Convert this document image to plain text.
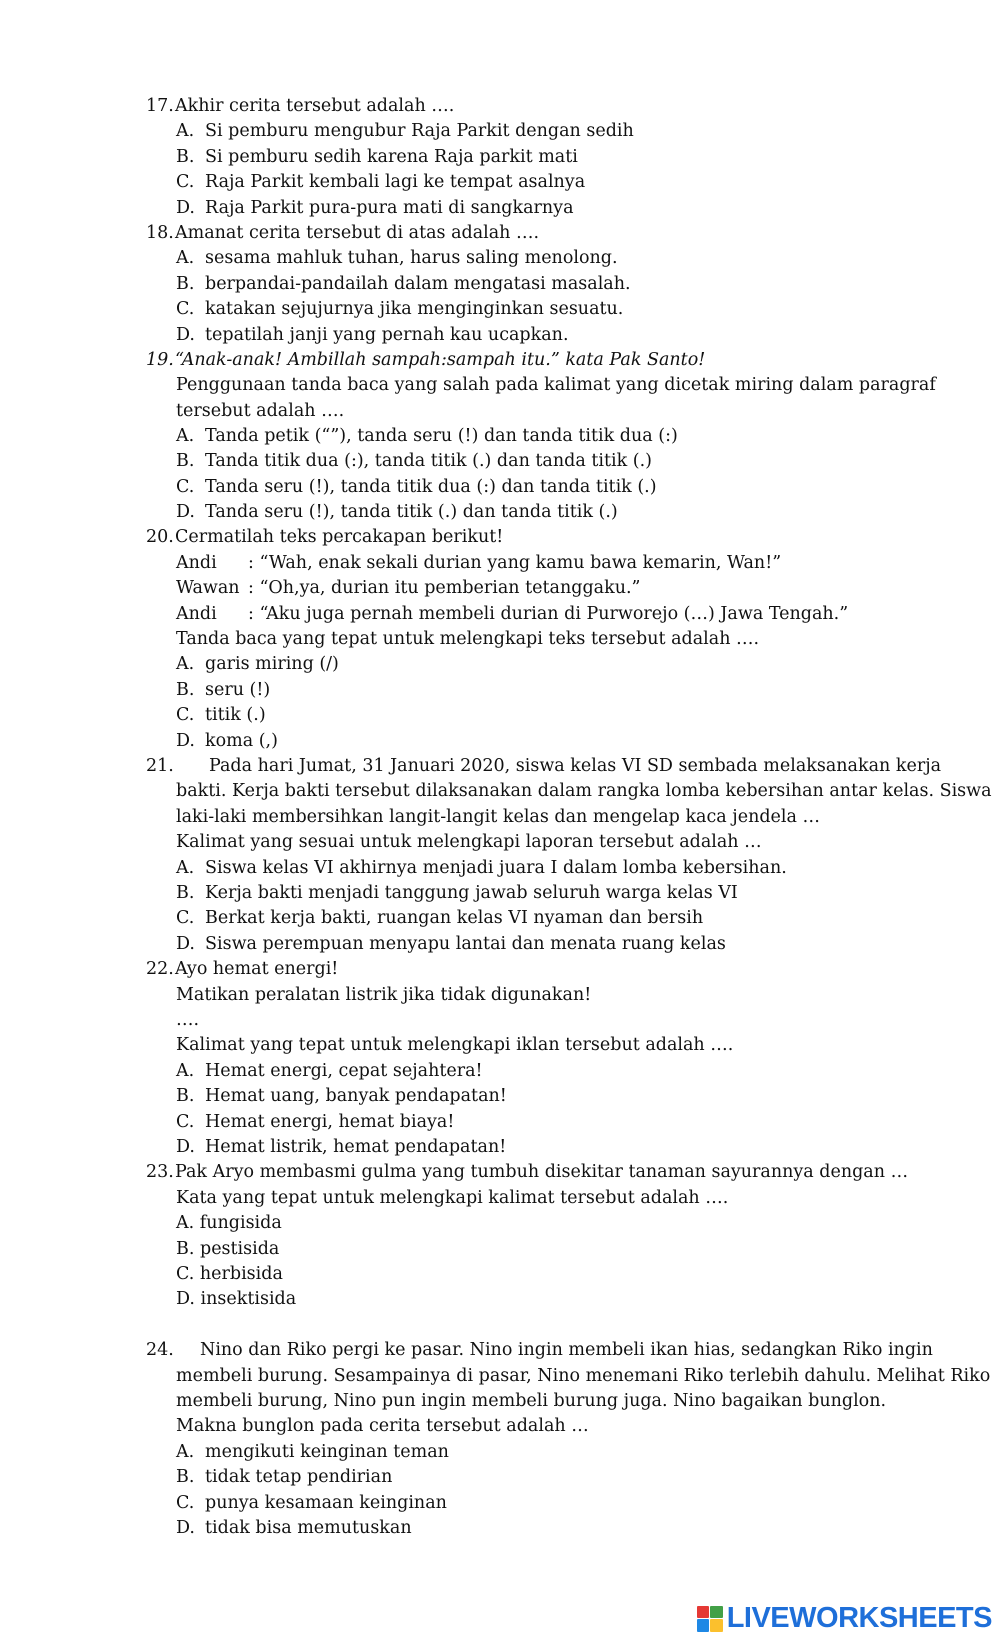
17.Akhir cerita tersebut adalah ….
A. Si pemburu mengubur Raja Parkit dengan sedih
B. Si pemburu sedih karena Raja parkit mati
C. Raja Parkit kembali lagi ke tempat asalnya
D. Raja Parkit pura-pura mati di sangkarnya
18.Amanat cerita tersebut di atas adalah ….
A. sesama mahluk tuhan, harus saling menolong.
B. berpandai-pandailah dalam mengatasi masalah.
C. katakan sejujurnya jika menginginkan sesuatu.
D. tepatilah janji yang pernah kau ucapkan.
19.“Anak-anak! Ambillah sampah:sampah itu.” kata Pak Santo!
Penggunaan tanda baca yang salah pada kalimat yang dicetak miring dalam paragraf
tersebut adalah ….
A. Tanda petik (“”), tanda seru (!) dan tanda titik dua (:)
B. Tanda titik dua (:), tanda titik (.) dan tanda titik (.)
C. Tanda seru (!), tanda titik dua (:) dan tanda titik (.)
D. Tanda seru (!), tanda titik (.) dan tanda titik (.)
20.Cermatilah teks percakapan berikut!
Andi : “Wah, enak sekali durian yang kamu bawa kemarin, Wan!”
Wawan : “Oh,ya, durian itu pemberian tetanggaku.”
Andi : “Aku juga pernah membeli durian di Purworejo (…) Jawa Tengah.”
Tanda baca yang tepat untuk melengkapi teks tersebut adalah ….
A. garis miring (/)
B. seru (!)
C. titik (.)
D. koma (,)
21. Pada hari Jumat, 31 Januari 2020, siswa kelas VI SD sembada melaksanakan kerja
bakti. Kerja bakti tersebut dilaksanakan dalam rangka lomba kebersihan antar kelas. Siswa
laki-laki membersihkan langit-langit kelas dan mengelap kaca jendela …
Kalimat yang sesuai untuk melengkapi laporan tersebut adalah …
A. Siswa kelas VI akhirnya menjadi juara I dalam lomba kebersihan.
B. Kerja bakti menjadi tanggung jawab seluruh warga kelas VI
C. Berkat kerja bakti, ruangan kelas VI nyaman dan bersih
D. Siswa perempuan menyapu lantai dan menata ruang kelas
22.Ayo hemat energi!
Matikan peralatan listrik jika tidak digunakan!
….
Kalimat yang tepat untuk melengkapi iklan tersebut adalah ….
A. Hemat energi, cepat sejahtera!
B. Hemat uang, banyak pendapatan!
C. Hemat energi, hemat biaya!
D. Hemat listrik, hemat pendapatan!
23.Pak Aryo membasmi gulma yang tumbuh disekitar tanaman sayurannya dengan …
Kata yang tepat untuk melengkapi kalimat tersebut adalah ….
A. fungisida
B. pestisida
C. herbisida
D. insektisida
24. Nino dan Riko pergi ke pasar. Nino ingin membeli ikan hias, sedangkan Riko ingin
membeli burung. Sesampainya di pasar, Nino menemani Riko terlebih dahulu. Melihat Riko
membeli burung, Nino pun ingin membeli burung juga. Nino bagaikan bunglon.
Makna bunglon pada cerita tersebut adalah …
A. mengikuti keinginan teman
B. tidak tetap pendirian
C. punya kesamaan keinginan
D. tidak bisa memutuskan
LIVEWORKSHEETS
